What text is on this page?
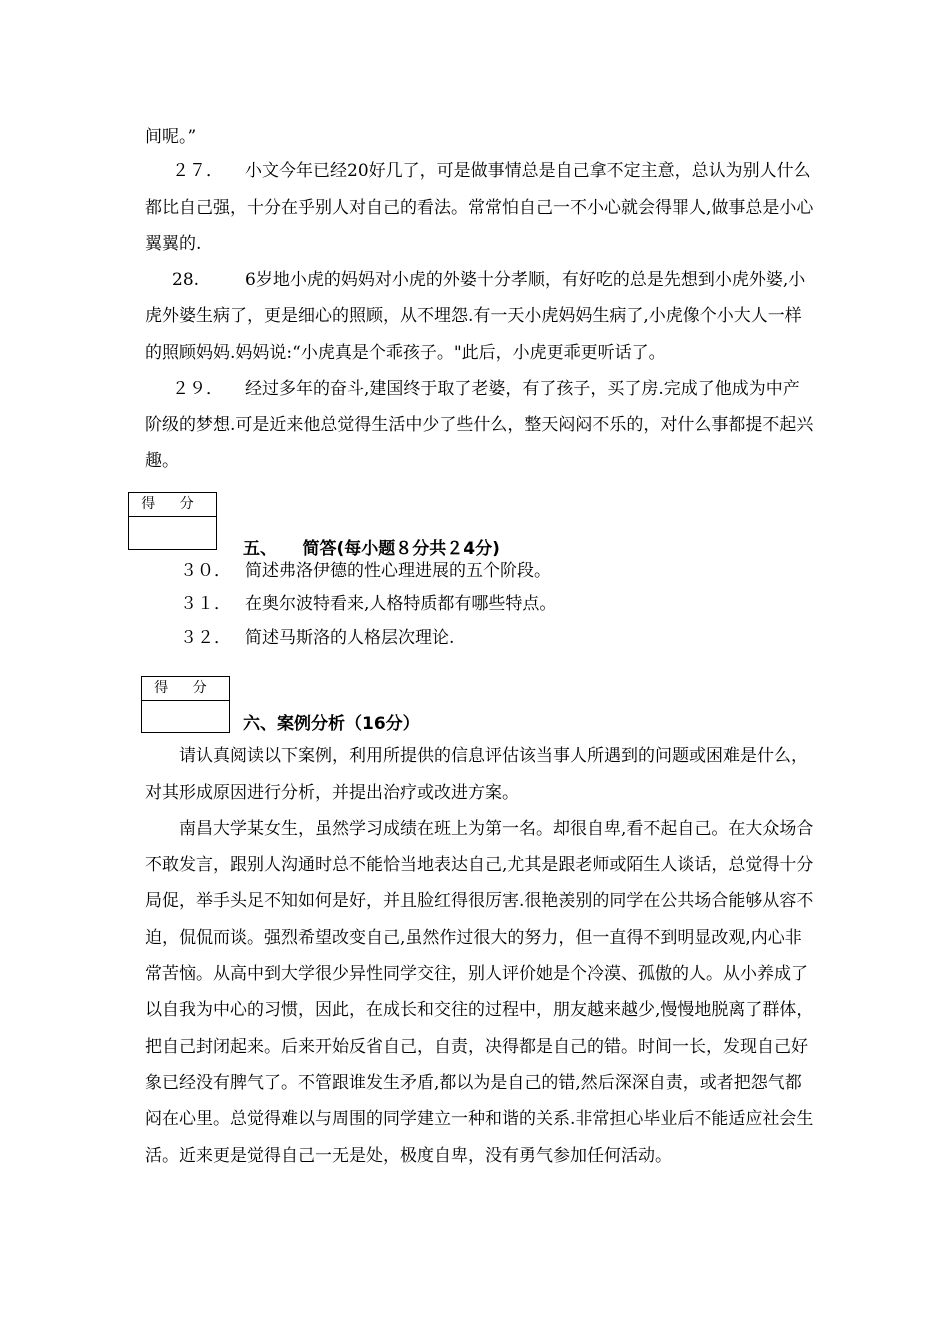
间呢。”
２７． 小文今年已经20好几了，可是做事情总是自己拿不定主意，总认为别人什么
都比自己强，十分在乎别人对自己的看法。常常怕自己一不小心就会得罪人,做事总是小心
翼翼的.
28.	6岁地小虎的妈妈对小虎的外婆十分孝顺，有好吃的总是先想到小虎外婆,小
虎外婆生病了，更是细心的照顾，从不埋怨.有一天小虎妈妈生病了,小虎像个小大人一样
的照顾妈妈.妈妈说:“小虎真是个乖孩子。"此后，小虎更乖更听话了。
２９． 经过多年的奋斗,建国终于取了老婆，有了孩子，买了房.完成了他成为中产
阶级的梦想.可是近来他总觉得生活中少了些什么，整天闷闷不乐的，对什么事都提不起兴
趣。
得 分
五、　　简答(每小题８分共２4分)
３０． 简述弗洛伊德的性心理进展的五个阶段。
３１． 在奥尔波特看来,人格特质都有哪些特点。
３２． 简述马斯洛的人格层次理论.
得 分
六、案例分析（16分）
请认真阅读以下案例，利用所提供的信息评估该当事人所遇到的问题或困难是什么，
对其形成原因进行分析，并提出治疗或改进方案。
南昌大学某女生，虽然学习成绩在班上为第一名。却很自卑,看不起自己。在大众场合
不敢发言，跟别人沟通时总不能恰当地表达自己,尤其是跟老师或陌生人谈话，总觉得十分
局促，举手头足不知如何是好，并且脸红得很厉害.很艳羡别的同学在公共场合能够从容不
迫，侃侃而谈。强烈希望改变自己,虽然作过很大的努力，但一直得不到明显改观,内心非
常苦恼。从高中到大学很少异性同学交往，别人评价她是个冷漠、孤傲的人。从小养成了
以自我为中心的习惯，因此，在成长和交往的过程中，朋友越来越少,慢慢地脱离了群体，
把自己封闭起来。后来开始反省自己，自责，决得都是自己的错。时间一长，发现自己好
象已经没有脾气了。不管跟谁发生矛盾,都以为是自己的错,然后深深自责，或者把怨气都
闷在心里。总觉得难以与周围的同学建立一种和谐的关系.非常担心毕业后不能适应社会生
活。近来更是觉得自己一无是处，极度自卑，没有勇气参加任何活动。
